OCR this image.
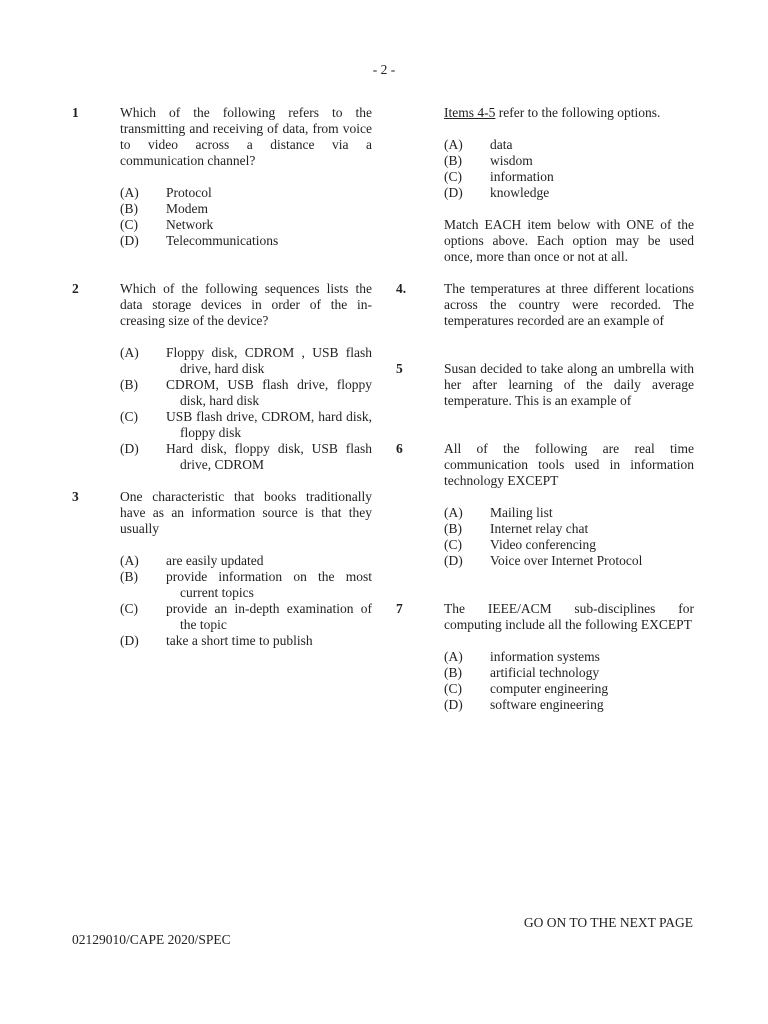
- 2 -
1	Which of the following refers to the transmitting and receiving of data, from voice to video across a distance via a communication channel?
(A) Protocol
(B) Modem
(C) Network
(D) Telecommunications
2	Which of the following sequences lists the data storage devices in order of the in-creasing size of the device?
(A) Floppy disk, CDROM , USB flash drive, hard disk
(B) CDROM, USB flash drive, floppy disk, hard disk
(C) USB flash drive, CDROM, hard disk, floppy disk
(D) Hard disk, floppy disk, USB flash drive, CDROM
3	One characteristic that books traditionally have as an information source is that they usually
(A) are easily updated
(B) provide information on the most current topics
(C) provide an in-depth examination of the topic
(D) take a short time to publish
Items 4-5 refer to the following options.
(A) data
(B) wisdom
(C) information
(D) knowledge
Match EACH item below with ONE of the options above. Each option may be used once, more than once or not at all.
4.	The temperatures at three different locations across the country were recorded. The temperatures recorded are an example of
5	Susan decided to take along an umbrella with her after learning of the daily average temperature. This is an example of
6	All of the following are real time communication tools used in information technology EXCEPT
(A) Mailing list
(B) Internet relay chat
(C) Video conferencing
(D) Voice over Internet Protocol
7	The IEEE/ACM sub-disciplines for computing include all the following EXCEPT
(A) information systems
(B) artificial technology
(C) computer engineering
(D) software engineering
GO ON TO THE NEXT PAGE
02129010/CAPE 2020/SPEC
